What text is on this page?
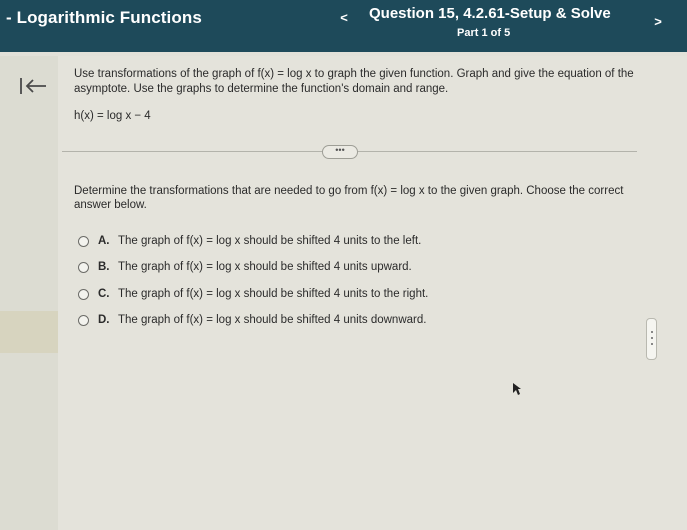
- Logarithmic Functions	< Question 15, 4.2.61-Setup & Solve
Part 1 of 5
>
Use transformations of the graph of f(x) = log x to graph the given function. Graph and give the equation of the asymptote. Use the graphs to determine the function's domain and range.
h(x) = log x − 4
•••
Determine the transformations that are needed to go from f(x) = log x to the given graph. Choose the correct answer below.
A. The graph of f(x) = log x should be shifted 4 units to the left.
B. The graph of f(x) = log x should be shifted 4 units upward.
C. The graph of f(x) = log x should be shifted 4 units to the right.
D. The graph of f(x) = log x should be shifted 4 units downward.
